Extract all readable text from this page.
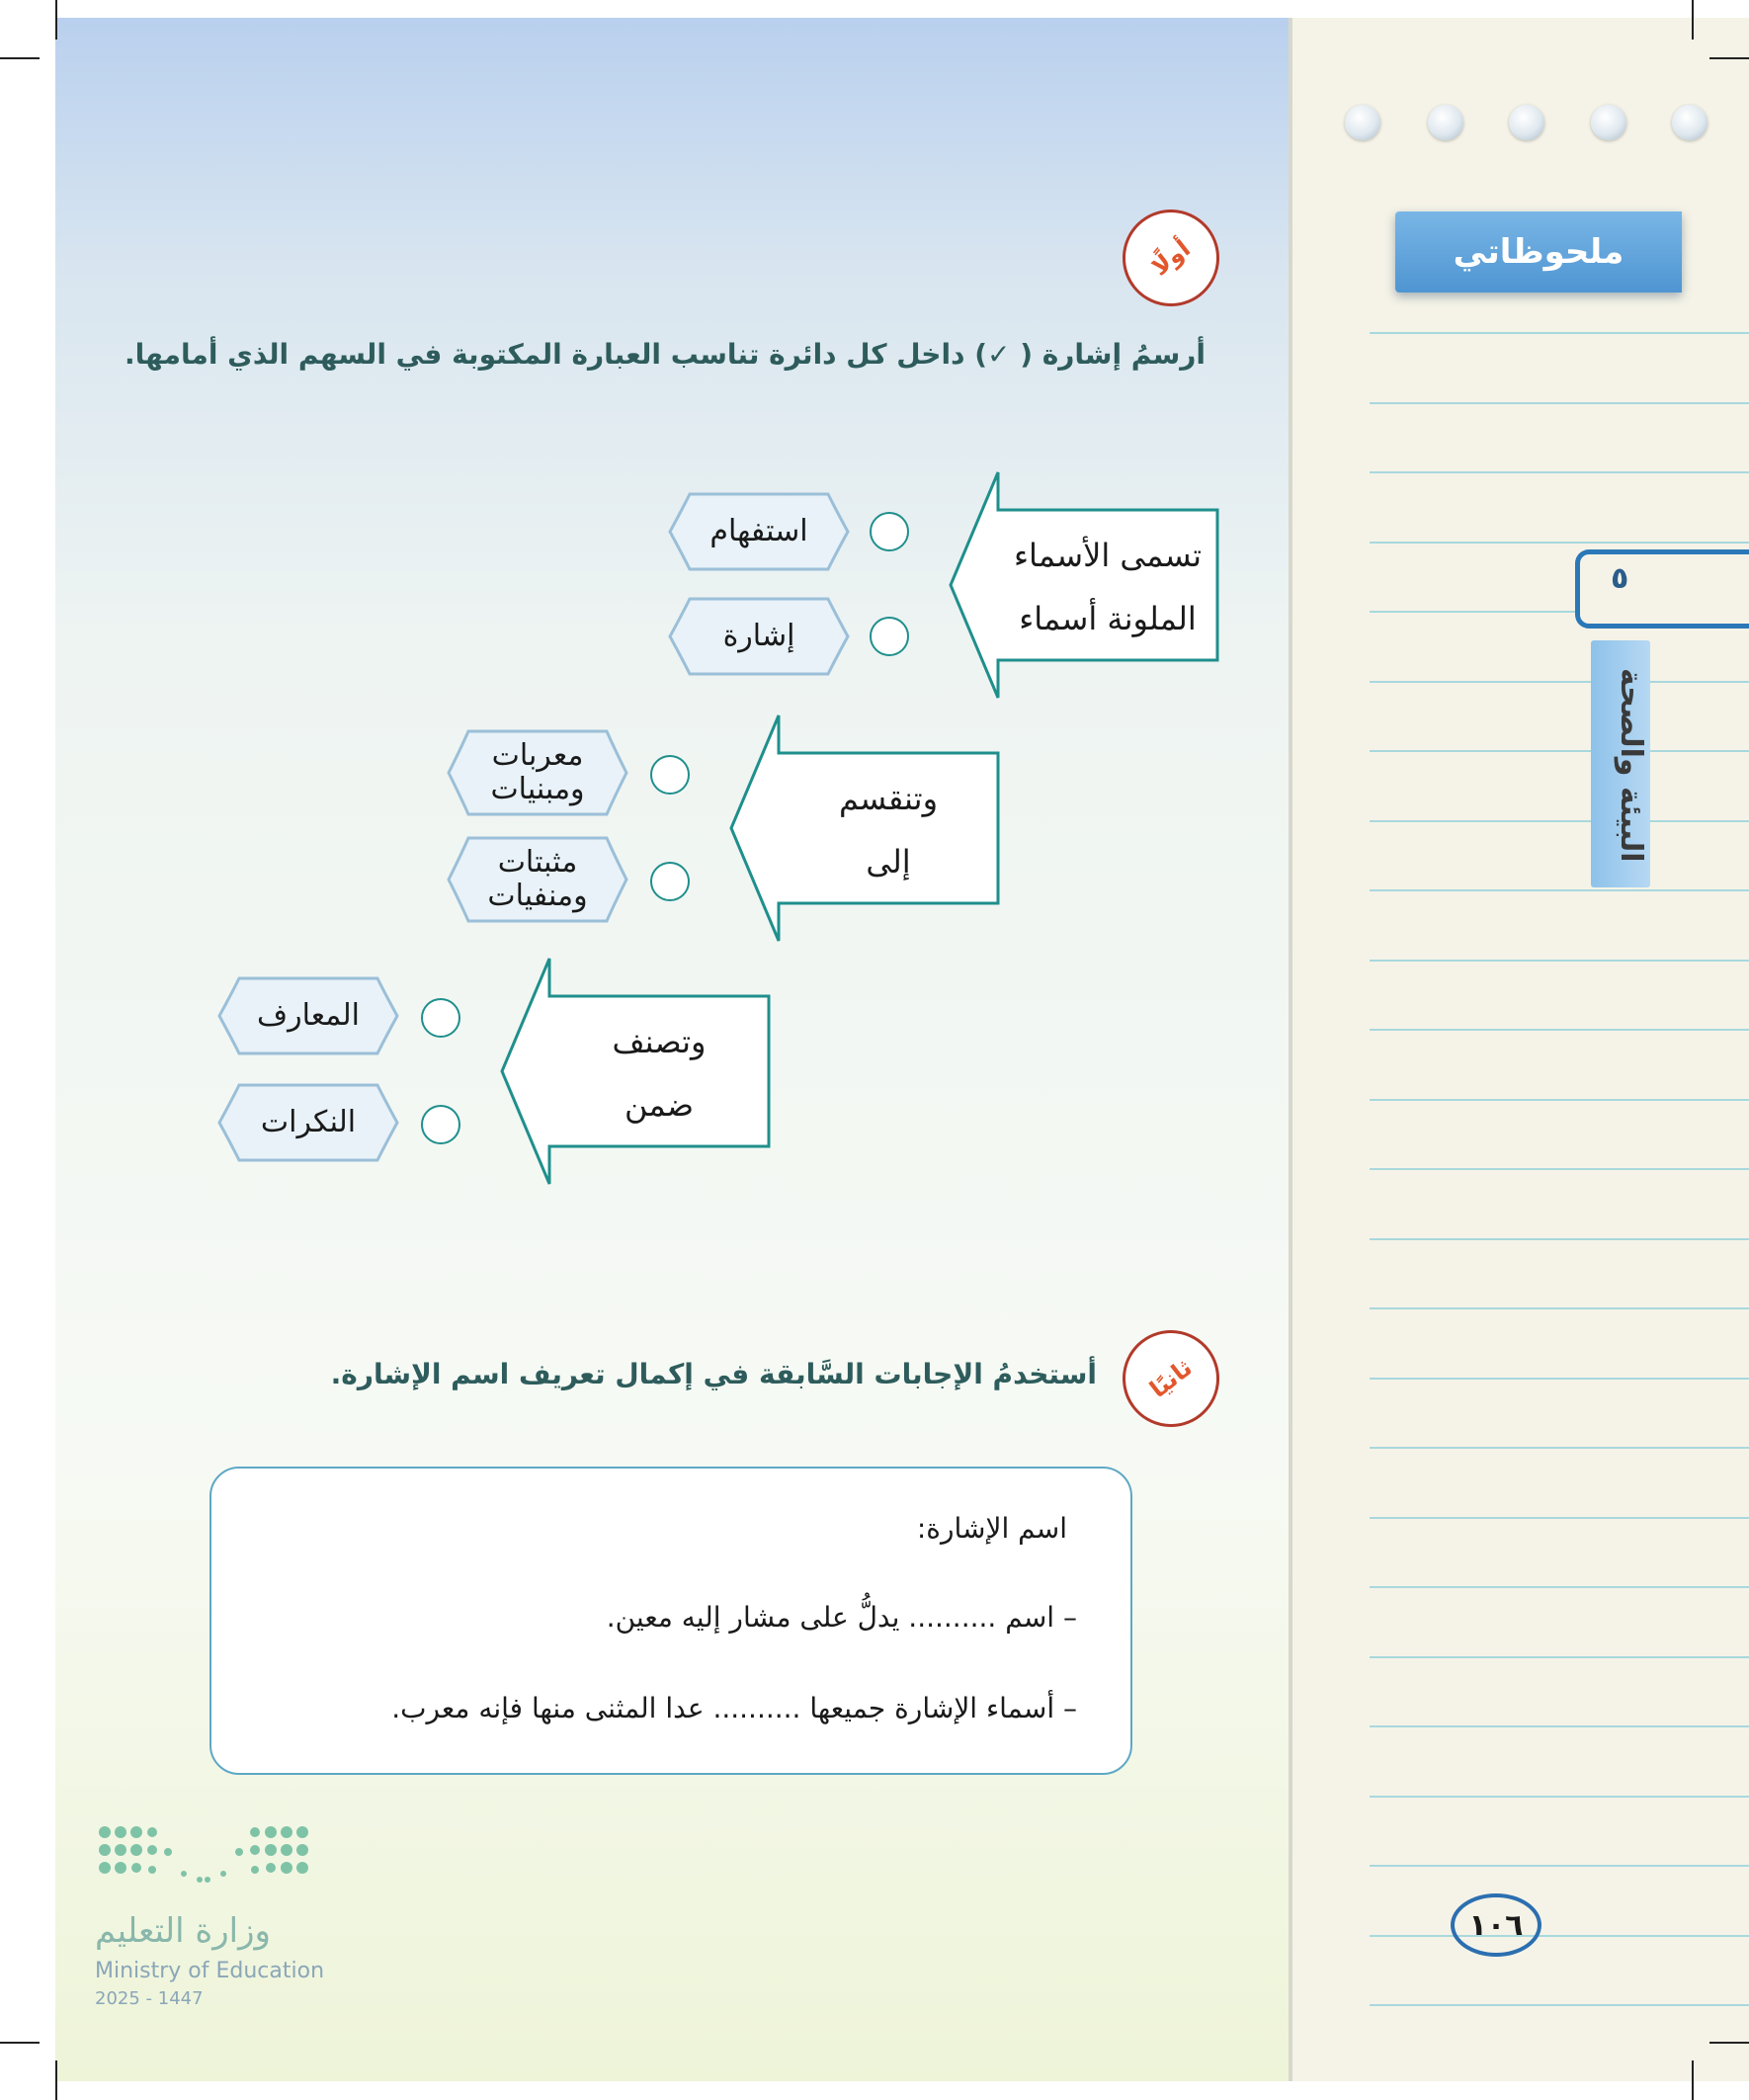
ملحوظاتي
٥
البيئة والصحة
١٠٦
أولًا
أرسمُ إشارة ( ✓) داخل كل دائرة تناسب العبارة المكتوبة في السهم الذي أمامها.
تسمى الأسماء
الملونة أسماء
استفهام
إشارة
وتنقسم
إلى
معربات ومبنيات
مثبتات ومنفيات
وتصنف
ضمن
المعارف
النكرات
ثانيًا
أستخدمُ الإجابات السَّابقة في إكمال تعريف اسم الإشارة.
اسم الإشارة:
– اسم .......... يدلُّ على مشار إليه معين.
– أسماء الإشارة جميعها .......... عدا المثنى منها فإنه معرب.
وزارة التعليم
Ministry of Education
2025 - 1447
